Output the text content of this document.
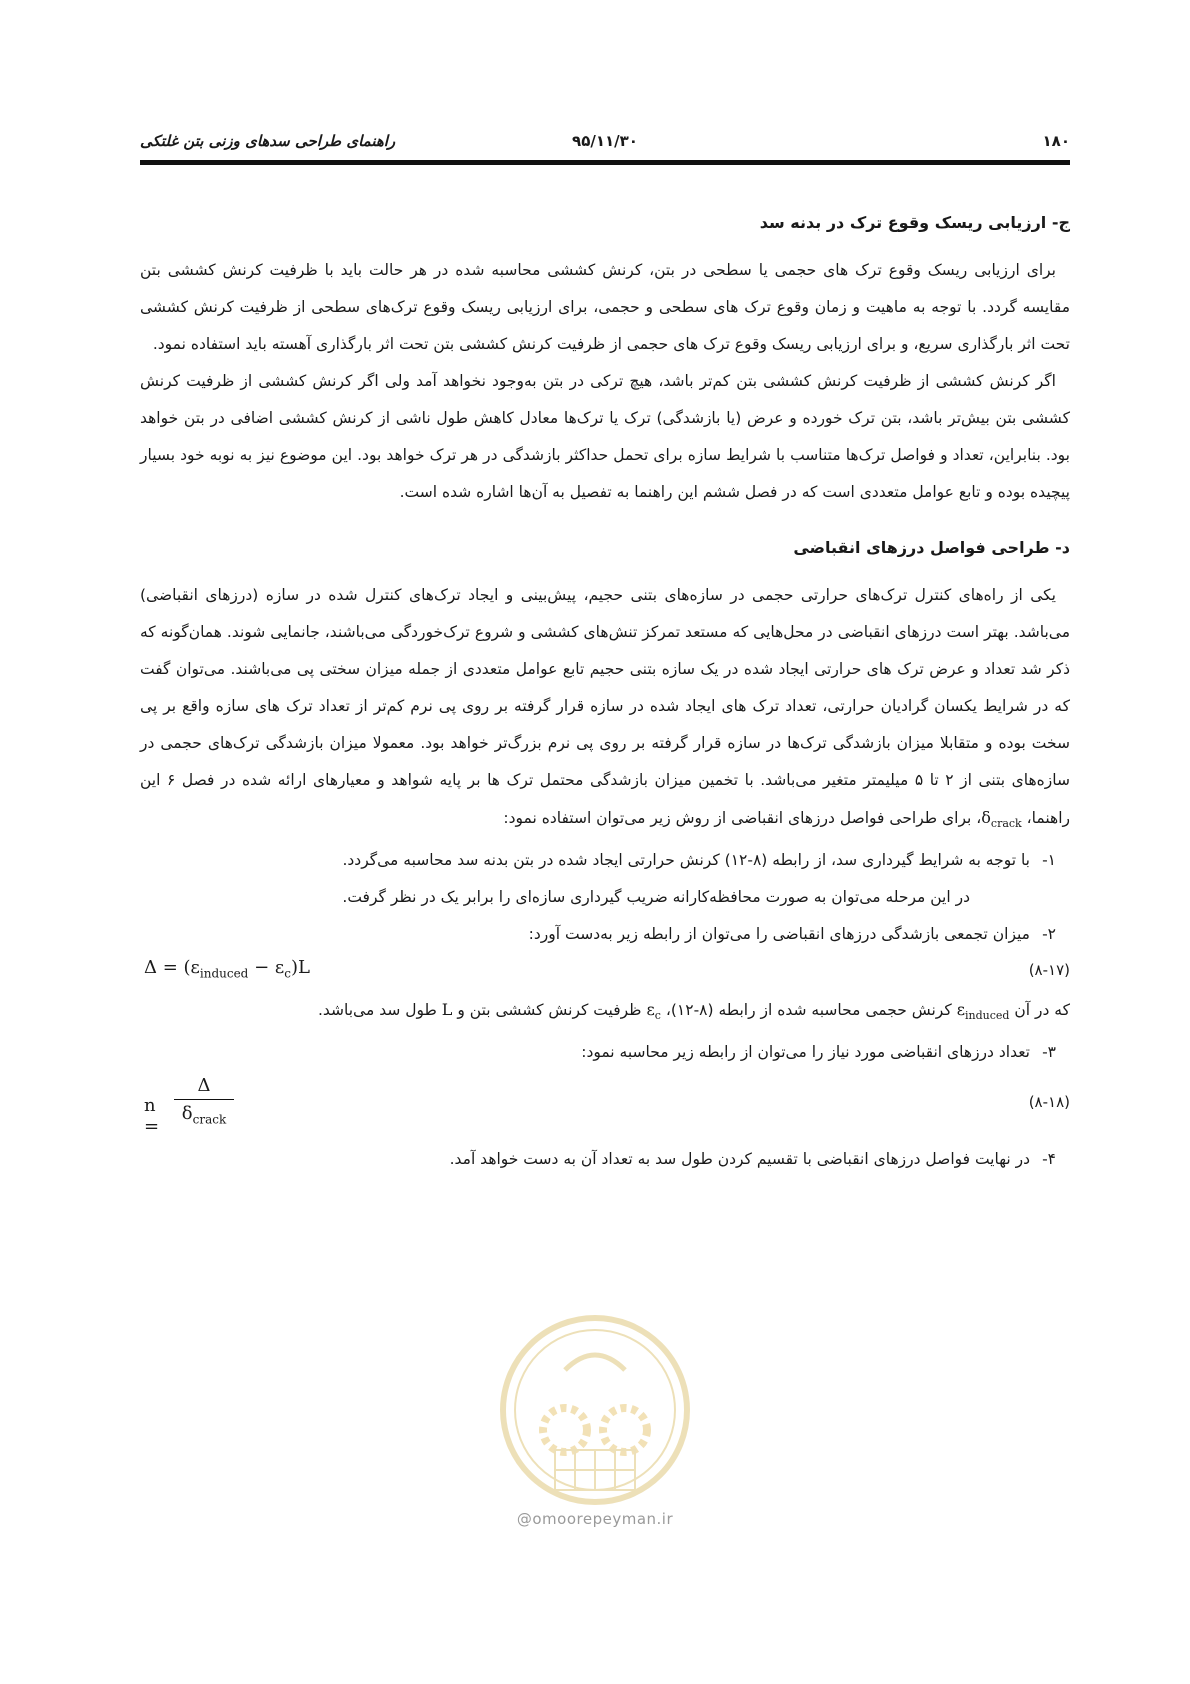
راهنمای طراحی سدهای وزنی بتن غلتکی	۹۵/۱۱/۳۰	۱۸۰
ج- ارزیابی ریسک وقوع ترک در بدنه سد

برای ارزیابی ریسک وقوع ترک های حجمی یا سطحی در بتن، کرنش کششی محاسبه شده در هر حالت باید با ظرفیت کرنش کششی بتن مقایسه گردد. با توجه به ماهیت و زمان وقوع ترک های سطحی و حجمی، برای ارزیابی ریسک وقوع ترک‌های سطحی از ظرفیت کرنش کششی تحت اثر بارگذاری سریع، و برای ارزیابی ریسک وقوع ترک های حجمی از ظرفیت کرنش کششی بتن تحت اثر بارگذاری آهسته باید استفاده نمود.

اگر کرنش کششی از ظرفیت کرنش کششی بتن کم‌تر باشد، هیچ ترکی در بتن به‌وجود نخواهد آمد ولی اگر کرنش کششی از ظرفیت کرنش کششی بتن بیش‌تر باشد، بتن ترک خورده و عرض (یا بازشدگی) ترک یا ترک‌ها معادل کاهش طول ناشی از کرنش کششی اضافی در بتن خواهد بود. بنابراین، تعداد و فواصل ترک‌ها متناسب با شرایط سازه برای تحمل حداکثر بازشدگی در هر ترک خواهد بود. این موضوع نیز به نوبه خود بسیار پیچیده بوده و تابع عوامل متعددی است که در فصل ششم این راهنما به تفصیل به آن‌ها اشاره شده است.

د- طراحی فواصل درزهای انقباضی

یکی از راه‌های کنترل ترک‌های حرارتی حجمی در سازه‌های بتنی حجیم، پیش‌بینی و ایجاد ترک‌های کنترل شده در سازه (درزهای انقباضی) می‌باشد. بهتر است درزهای انقباضی در محل‌هایی که مستعد تمرکز تنش‌های کششی و شروع ترک‌خوردگی می‌باشند، جانمایی شوند. همان‌گونه که ذکر شد تعداد و عرض ترک های حرارتی ایجاد شده در یک سازه بتنی حجیم تابع عوامل متعددی از جمله میزان سختی پی می‌باشند. می‌توان گفت که در شرایط یکسان گرادیان حرارتی، تعداد ترک های ایجاد شده در سازه قرار گرفته بر روی پی نرم کم‌تر از تعداد ترک های سازه واقع بر پی سخت بوده و متقابلا میزان بازشدگی ترک‌ها در سازه قرار گرفته بر روی پی نرم بزرگ‌تر خواهد بود. معمولا میزان بازشدگی ترک‌های حجمی در سازه‌های بتنی از ۲ تا ۵ میلیمتر متغیر می‌باشد. با تخمین میزان بازشدگی محتمل ترک ها بر پایه شواهد و معیارهای ارائه شده در فصل ۶ این راهنما، $\delta_{crack}،$ برای طراحی فواصل درزهای انقباضی از روش زیر می‌توان استفاده نمود:

۱-با توجه به شرایط گیرداری سد، از رابطه (۸-۱۲) کرنش حرارتی ایجاد شده در بتن بدنه سد محاسبه می‌گردد.

در این مرحله می‌توان به صورت محافظه‌کارانه ضریب گیرداری سازه‌ای را برابر یک در نظر گرفت.

۲-میزان تجمعی بازشدگی درزهای انقباضی را می‌توان از رابطه زیر به‌دست آورد:

$\Delta = (\varepsilon_{induced} - \varepsilon_c)L$	(۸-۱۷)

که در آن $\varepsilon_{induced}$ کرنش حجمی محاسبه شده از رابطه (۸-۱۲)، $\varepsilon_c$ ظرفیت کرنش کششی بتن و L طول سد می‌باشد.

۳-تعداد درزهای انقباضی مورد نیاز را می‌توان از رابطه زیر محاسبه نمود:

n =
Δ
$\delta_{crack}$
(۸-۱۸)

۴-در نهایت فواصل درزهای انقباضی با تقسیم کردن طول سد به تعداد آن به دست خواهد آمد.

@omoorepeyman.ir
